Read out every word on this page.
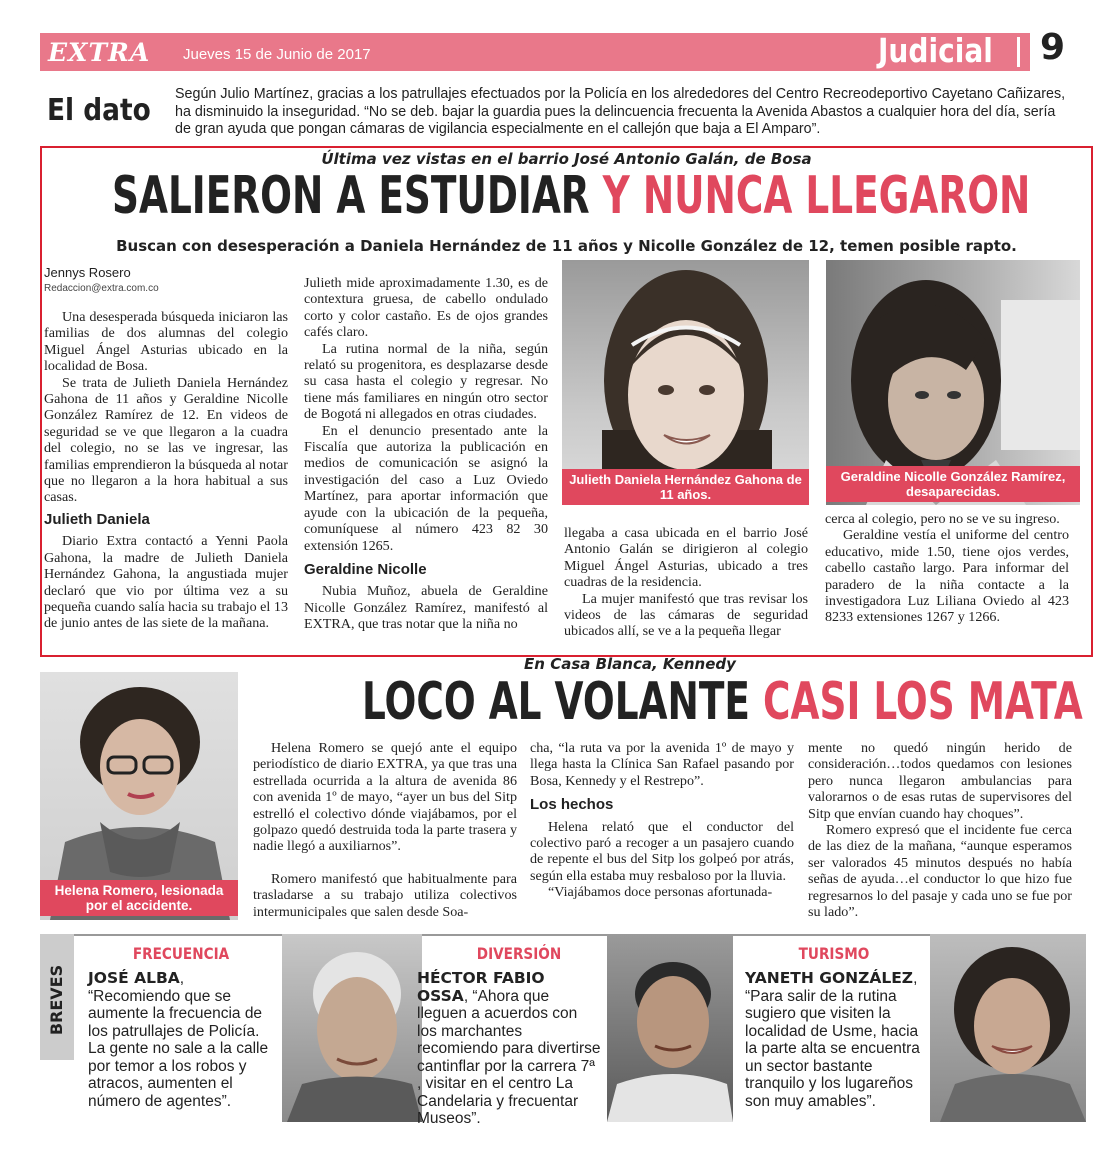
EXTRA Jueves 15 de Junio de 2017	Judicial 9
El dato Según Julio Martínez, gracias a los patrullajes efectuados por la Policía en los alrededores del Centro Recreodeportivo Cayetano Cañizares, ha disminuido la inseguridad. “No se deb. bajar la guardia pues la delincuencia frecuenta la Avenida Abastos a cualquier hora del día, sería de gran ayuda que pongan cámaras de vigilancia especialmente en el callejón que baja a El Amparo”.
Última vez vistas en el barrio José Antonio Galán, de Bosa
SALIERON A ESTUDIAR Y NUNCA LLEGARON
Buscan con desesperación a Daniela Hernández de 11 años y Nicolle González de 12, temen posible rapto.
Jennys Rosero
Redaccion@extra.com.co

Una desesperada búsqueda iniciaron las familias de dos alumnas del colegio Miguel Ángel Asturias ubicado en la localidad de Bosa.

Se trata de Julieth Daniela Hernández Gahona de 11 años y Geraldine Nicolle González Ramírez de 12. En videos de seguridad se ve que llegaron a la cuadra del colegio, no se las ve ingresar, las familias emprendieron la búsqueda al notar que no llegaron a la hora habitual a sus casas.

Julieth Daniela

Diario Extra contactó a Yenni Paola Gahona, la madre de Julieth Daniela Hernández Gahona, la angustiada mujer declaró que vio por última vez a su pequeña cuando salía hacia su trabajo el 13 de junio antes de las siete de la mañana.

Julieth mide aproximadamente 1.30, es de contextura gruesa, de cabello ondulado corto y color castaño. Es de ojos grandes cafés claro.

La rutina normal de la niña, según relató su progenitora, es desplazarse desde su casa hasta el colegio y regresar. No tiene más familiares en ningún otro sector de Bogotá ni allegados en otras ciudades.

En el denuncio presentado ante la Fiscalía que autoriza la publicación en medios de comunicación se asignó la investigación del caso a Luz Oviedo Martínez, para aportar información que ayude con la ubicación de la pequeña, comuníquese al número 423 82 30 extensión 1265.

Geraldine Nicolle

Nubia Muñoz, abuela de Geraldine Nicolle González Ramírez, manifestó al EXTRA, que tras notar que la niña no

Julieth Daniela Hernández Gahona de 11 años.
Geraldine Nicolle González Ramírez, desaparecidas.

llegaba a casa ubicada en el barrio José Antonio Galán se dirigieron al colegio Miguel Ángel Asturias, ubicado a tres cuadras de la residencia.

La mujer manifestó que tras revisar los videos de las cámaras de seguridad ubicados allí, se ve a la pequeña llegar

cerca al colegio, pero no se ve su ingreso.

Geraldine vestía el uniforme del centro educativo, mide 1.50, tiene ojos verdes, cabello castaño largo. Para informar del paradero de la niña contacte a la investigadora Luz Liliana Oviedo al 423 8233 extensiones 1267 y 1266.

En Casa Blanca, Kennedy
LOCO AL VOLANTE CASI LOS MATA
Helena Romero, lesionada por el accidente.

Helena Romero se quejó ante el equipo periodístico de diario EXTRA, ya que tras una estrellada ocurrida a la altura de avenida 86 con avenida 1º de mayo, “ayer un bus del Sitp estrelló el colectivo dónde viajábamos, por el golpazo quedó destruida toda la parte trasera y nadie llegó a auxiliarnos”.

Romero manifestó que habitualmente para trasladarse a su trabajo utiliza colectivos intermunicipales que salen desde Soa-

cha, “la ruta va por la avenida 1º de mayo y llega hasta la Clínica San Rafael pasando por Bosa, Kennedy y el Restrepo”.

Los hechos

Helena relató que el conductor del colectivo paró a recoger a un pasajero cuando de repente el bus del Sitp los golpeó por atrás, según ella estaba muy resbaloso por la lluvia.

“Viajábamos doce personas afortunada-

mente no quedó ningún herido de consideración…todos quedamos con lesiones pero nunca llegaron ambulancias para valorarnos o de esas rutas de supervisores del Sitp que envían cuando hay choques”.

Romero expresó que el incidente fue cerca de las diez de la mañana, “aunque esperamos ser valorados 45 minutos después no había señas de ayuda…el conductor lo que hizo fue regresarnos lo del pasaje y cada uno se fue por su lado”.

BREVES
FRECUENCIA
JOSÉ ALBA, “Recomiendo que se aumente la frecuencia de los patrullajes de Policía. La gente no sale a la calle por temor a los robos y atracos, aumenten el número de agentes”.
DIVERSIÓN
HÉCTOR FABIO OSSA, “Ahora que lleguen a acuerdos con los marchantes recomiendo para divertirse cantinflar por la carrera 7ª , visitar en el centro La Candelaria y frecuentar Museos”.
TURISMO
YANETH GONZÁLEZ, “Para salir de la rutina sugiero que visiten la localidad de Usme, hacia la parte alta se encuentra un sector bastante tranquilo y los lugareños son muy amables”.
